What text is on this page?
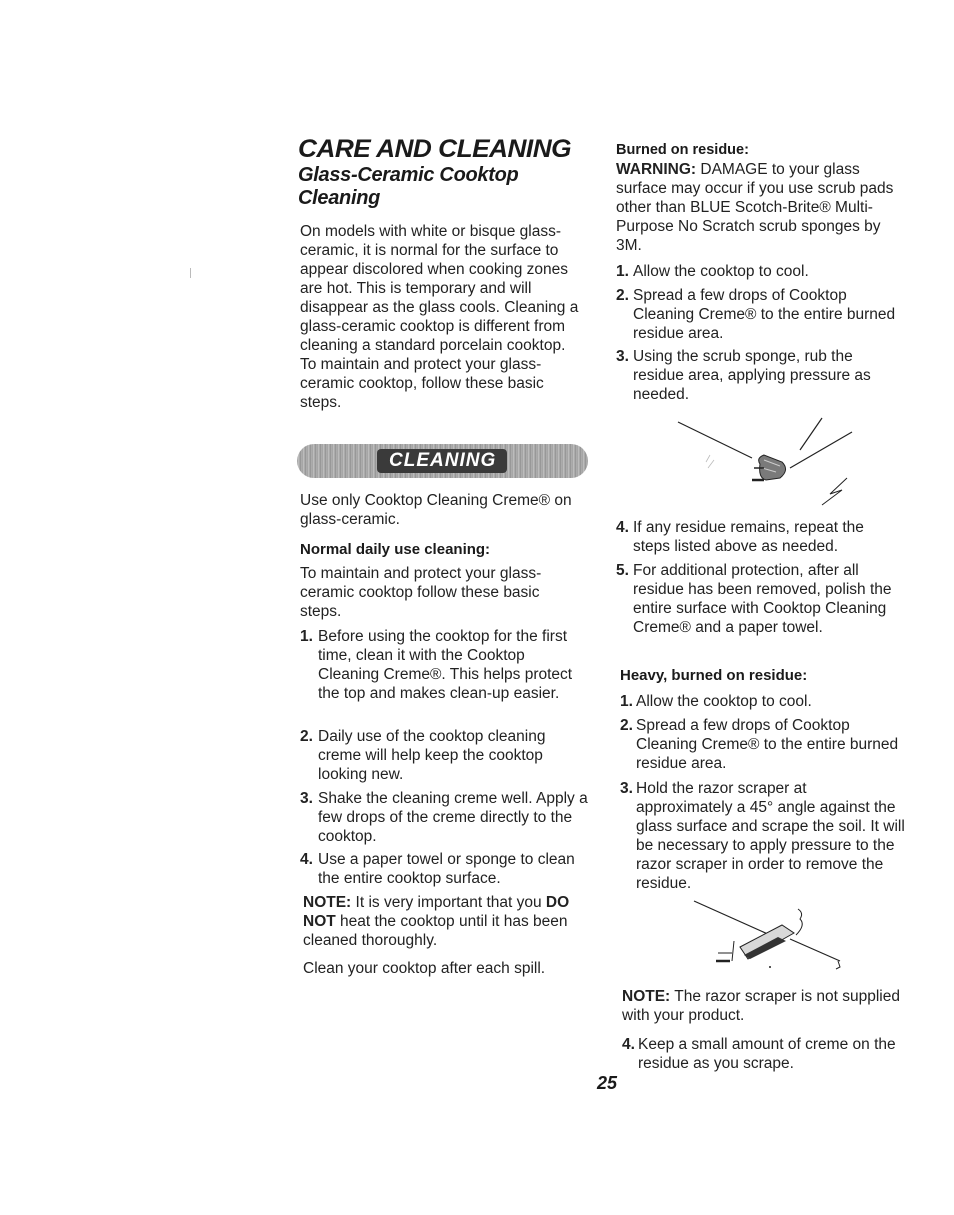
CARE AND CLEANING
Glass-Ceramic Cooktop Cleaning

On models with white or bisque glass-ceramic, it is normal for the surface to appear discolored when cooking zones are hot. This is temporary and will disappear as the glass cools. Cleaning a glass-ceramic cooktop is different from cleaning a standard porcelain cooktop. To maintain and protect your glass-ceramic cooktop, follow these basic steps.

CLEANING

Use only Cooktop Cleaning Creme® on glass-ceramic.

Normal daily use cleaning:

To maintain and protect your glass-ceramic cooktop follow these basic steps.

1. Before using the cooktop for the first time, clean it with the Cooktop Cleaning Creme®. This helps protect the top and makes clean-up easier.
2. Daily use of the cooktop cleaning creme will help keep the cooktop looking new.
3. Shake the cleaning creme well. Apply a few drops of the creme directly to the cooktop.
4. Use a paper towel or sponge to clean the entire cooktop surface.

NOTE: It is very important that you DO NOT heat the cooktop until it has been cleaned thoroughly.

Clean your cooktop after each spill.

Burned on residue:

WARNING: DAMAGE to your glass surface may occur if you use scrub pads other than BLUE Scotch-Brite® Multi-Purpose No Scratch scrub sponges by 3M.

1. Allow the cooktop to cool.
2. Spread a few drops of Cooktop Cleaning Creme® to the entire burned residue area.
3. Using the scrub sponge, rub the residue area, applying pressure as needed.
4. If any residue remains, repeat the steps listed above as needed.
5. For additional protection, after all residue has been removed, polish the entire surface with Cooktop Cleaning Creme® and a paper towel.

Heavy, burned on residue:

1. Allow the cooktop to cool.
2. Spread a few drops of Cooktop Cleaning Creme® to the entire burned residue area.
3. Hold the razor scraper at approximately a 45° angle against the glass surface and scrape the soil. It will be necessary to apply pressure to the razor scraper in order to remove the residue.

NOTE: The razor scraper is not supplied with your product.

4. Keep a small amount of creme on the residue as you scrape.
25
